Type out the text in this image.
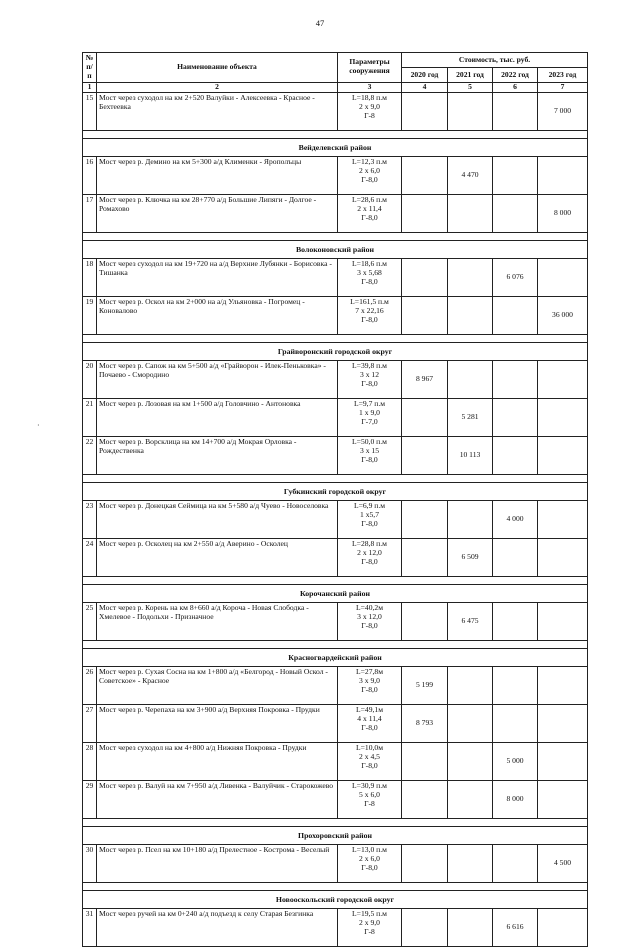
47
·
№ п/п	Наименование объекта	Параметры сооружения	Стоимость, тыс. руб.			
			2020 год	2021 год	2022 год	2023 год
1	2	3	4	5	6	7
15	Мост через суходол на км 2+520 Валуйки - Алексеевка - Красное - Бехтеевка	L=18,8 п.м
2 х 9,0
Г-8				7 000

Вейделевский район						
16	Мост через р. Демино на км 5+300 а/д Клименки - Ярополъцы	L=12,3 п.м
2 х 6,0
Г-8,0		4 470		
17	Мост через р. Ключка на км 28+770 а/д Большие Липяги - Долгое - Ромахово	L=28,6 п.м
2 х 11,4
Г-8,0				8 000

Волоконовский район						
18	Мост через суходол на км 19+720 на а/д Верхние Лубянки - Борисовка - Тишанка	L=18,6 п.м
3 х 5,68
Г-8,0			6 076	
19	Мост через р. Оскол на км 2+000 на а/д Ульяновка - Погромец - Коновалово	L=161,5 п.м
7 х 22,16
Г-8,0				36 000

Грайворонский городской округ						
20	Мост через р. Сапож на км 5+500 а/д «Грайворон - Илек-Пеньковка» - Почаево - Смородино	L=39,8 п.м
3 х 12
Г-8,0	8 967			
21	Мост через р. Лозовая на км 1+500 а/д Головчино - Антоновка	L=9,7 п.м
1 х 9,0
Г-7,0		5 281		
22	Мост через р. Ворсклица на км 14+700 а/д Мокрая Орловка - Рождественка	L=50,0 п.м
3 х 15
Г-8,0		10 113		

Губкинский городской округ						
23	Мост через р. Донецкая Сеймица на км 5+580 а/д Чуево - Новоселовка	L=6,9 п.м
1 х5,7
Г-8,0			4 000	
24	Мост через р. Осколец на км 2+550 а/д Аверино - Осколец	L=28,8 п.м
2 х 12,0
Г-8,0		6 509		

Корочанский район						
25	Мост через р. Корень на км 8+660 а/д Короча - Новая Слободка - Хмелевое - Подольхи - Призначное	L=40,2м
3 х 12,0
Г-8,0		6 475		

Красногвардейский район						
26	Мост через р. Сухая Сосна на км 1+800 а/д «Белгород - Новый Оскол - Советское» - Красное	L=27,8м
3 х 9,0
Г-8,0	5 199			
27	Мост через р. Черепаха на км 3+900 а/д Верхняя Покровка - Прудки	L=49,1м
4 х 11,4
Г-8,0	8 793			
28	Мост через суходол на км 4+800 а/д Нижняя Покровка - Прудки	L=10,0м
2 х 4,5
Г-8,0			5 000	
29	Мост через р. Валуй на км 7+950 а/д Ливенка - Валуйчик - Старокожево	L=30,9 п.м
5 х 6,0
Г-8			8 000	

Прохоровский район						
30	Мост через р. Псел на км 10+180 а/д Прелестное - Кострома - Веселый	L=13,0 п.м
2 х 6,0
Г-8,0				4 500

Новооскольский городской округ						
31	Мост через ручей на км 0+240 а/д подъезд к селу Старая Безгинка	L=19,5 п.м
2 х 9,0
Г-8			6 616	
